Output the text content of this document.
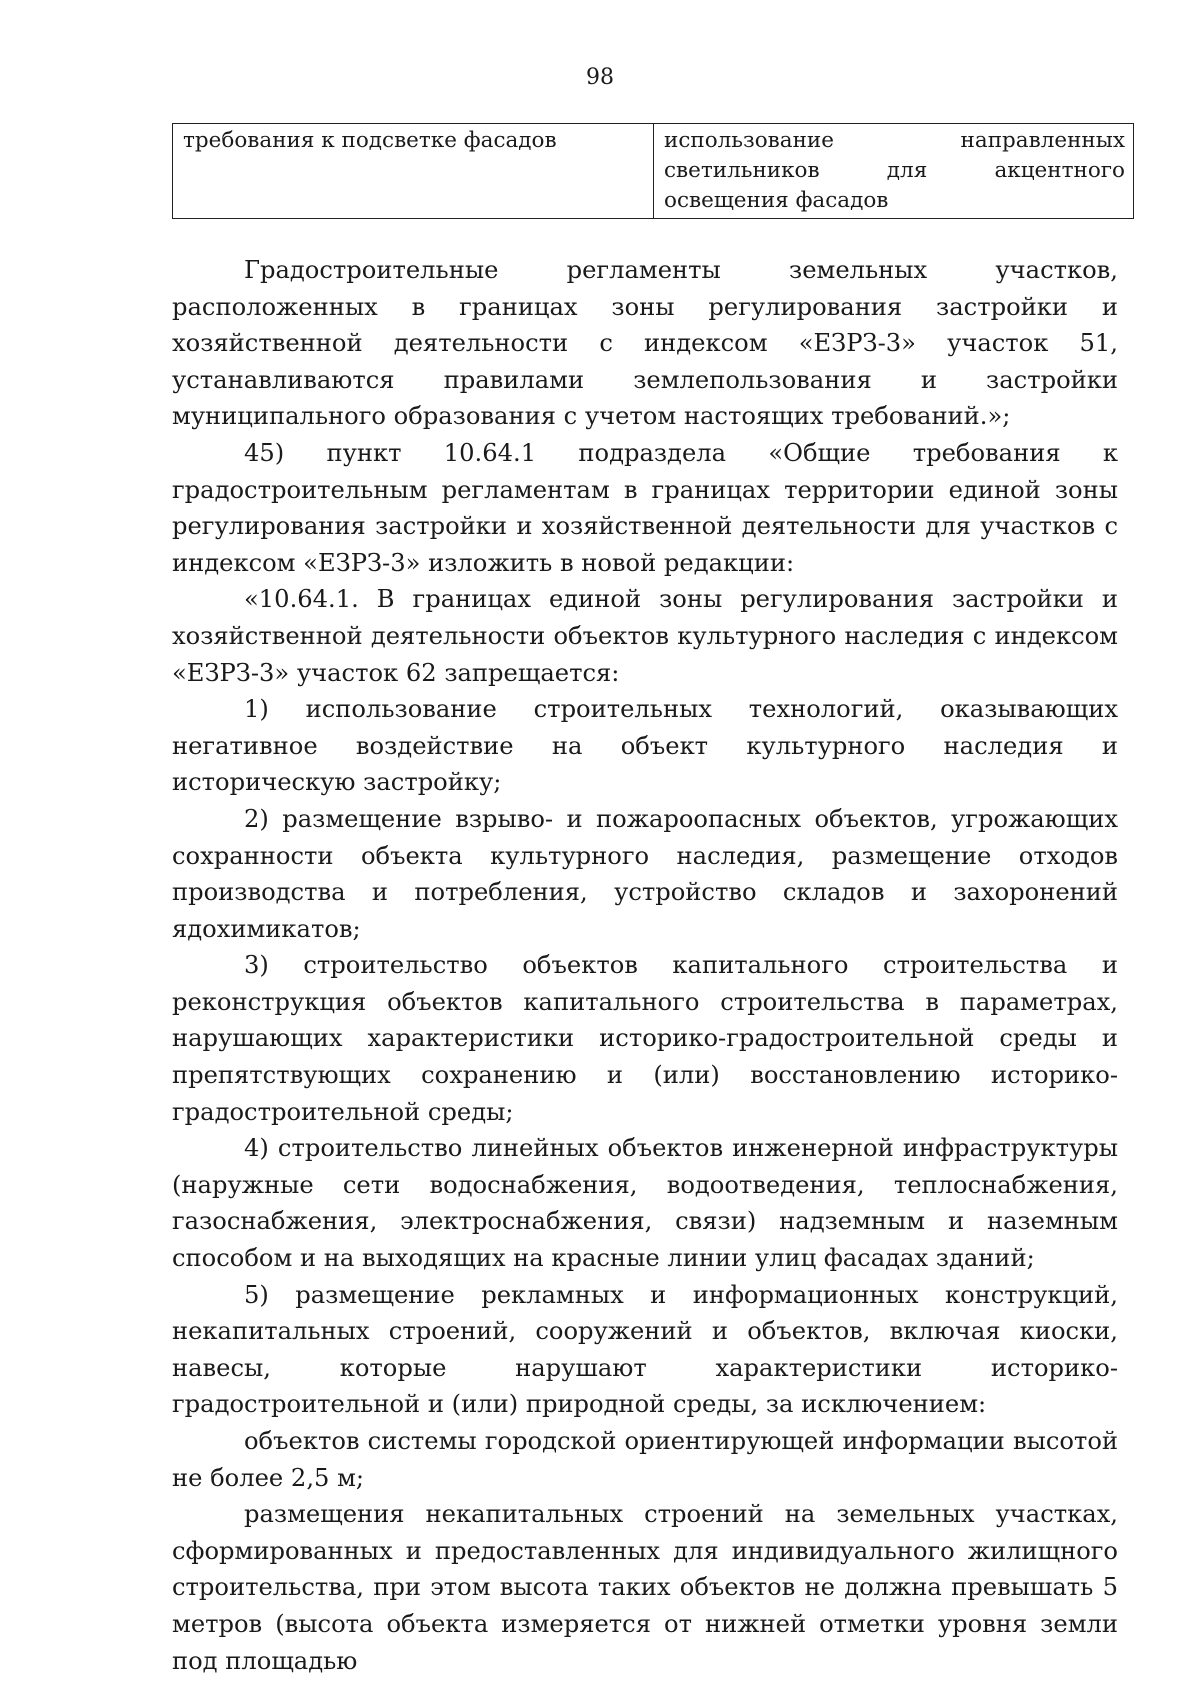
98
требования к подсветке фасадов	использование направленных светильников для акцентного освещения фасадов

Градостроительные регламенты земельных участков, расположенных в границах зоны регулирования застройки и хозяйственной деятельности с индексом «ЕЗРЗ-3» участок 51, устанавливаются правилами землепользования и застройки муниципального образования с учетом настоящих требований.»;

45) пункт 10.64.1 подраздела «Общие требования к градостроительным регламентам в границах территории единой зоны регулирования застройки и хозяйственной деятельности для участков с индексом «ЕЗРЗ-3» изложить в новой редакции:

«10.64.1. В границах единой зоны регулирования застройки и хозяйственной деятельности объектов культурного наследия с индексом «ЕЗРЗ-3» участок 62 запрещается:

1) использование строительных технологий, оказывающих негативное воздействие на объект культурного наследия и историческую застройку;

2) размещение взрыво- и пожароопасных объектов, угрожающих сохранности объекта культурного наследия, размещение отходов производства и потребления, устройство складов и захоронений ядохимикатов;

3) строительство объектов капитального строительства и реконструкция объектов капитального строительства в параметрах, нарушающих характеристики историко-градостроительной среды и препятствующих сохранению и (или) восстановлению историко-градостроительной среды;

4) строительство линейных объектов инженерной инфраструктуры (наружные сети водоснабжения, водоотведения, теплоснабжения, газоснабжения, электроснабжения, связи) надземным и наземным способом и на выходящих на красные линии улиц фасадах зданий;

5) размещение рекламных и информационных конструкций, некапитальных строений, сооружений и объектов, включая киоски, навесы, которые нарушают характеристики историко-градостроительной и (или) природной среды, за исключением:

объектов системы городской ориентирующей информации высотой не более 2,5 м;

размещения некапитальных строений на земельных участках, сформированных и предоставленных для индивидуального жилищного строительства, при этом высота таких объектов не должна превышать 5 метров (высота объекта измеряется от нижней отметки уровня земли под площадью
